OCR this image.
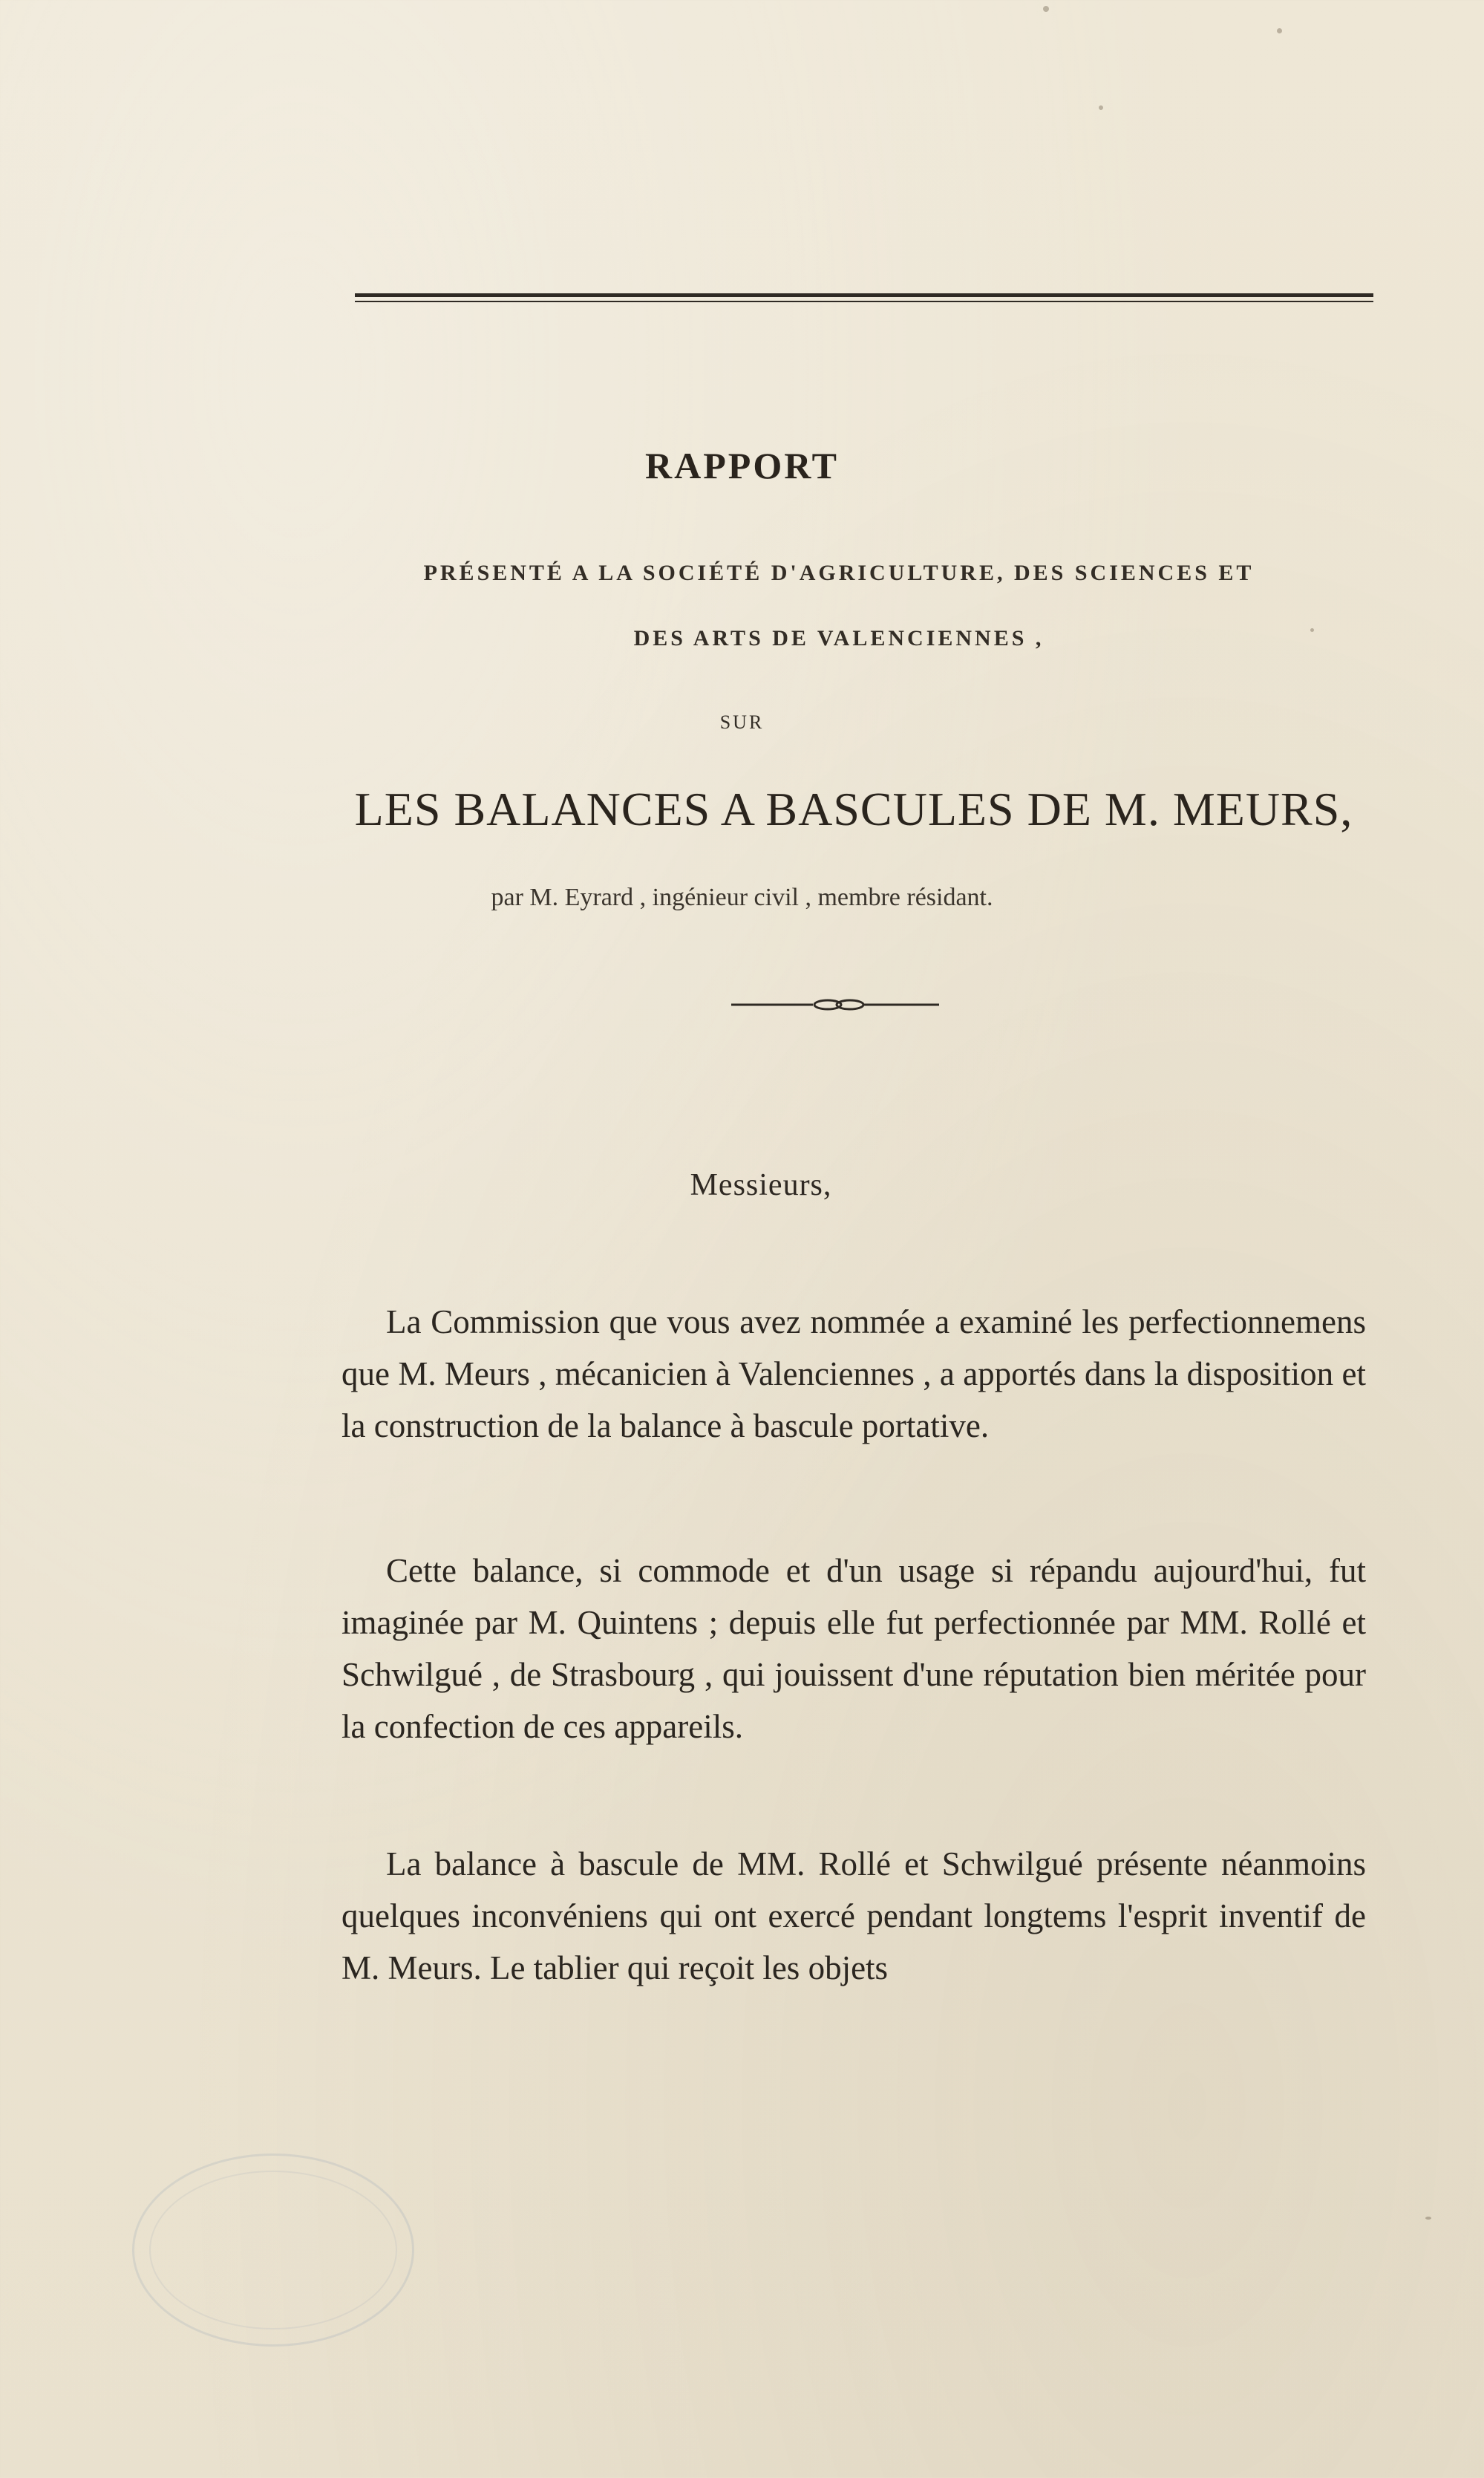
RAPPORT
PRÉSENTÉ A LA SOCIÉTÉ D'AGRICULTURE, DES SCIENCES ET
DES ARTS DE VALENCIENNES ,
SUR
LES BALANCES A BASCULES DE M. MEURS,
par M. Eyrard , ingénieur civil , membre résidant.
Messieurs,

La Commission que vous avez nommée a examiné les perfectionnemens que M. Meurs , mécanicien à Valenciennes , a apportés dans la disposition et la construction de la balance à bascule portative.

Cette balance, si commode et d'un usage si répandu aujourd'hui, fut imaginée par M. Quintens ; depuis elle fut perfectionnée par MM. Rollé et Schwilgué , de Strasbourg , qui jouissent d'une réputation bien méritée pour la confection de ces appareils.

La balance à bascule de MM. Rollé et Schwilgué présente néanmoins quelques inconvéniens qui ont exercé pendant longtems l'esprit inventif de M. Meurs. Le tablier qui reçoit les objets
